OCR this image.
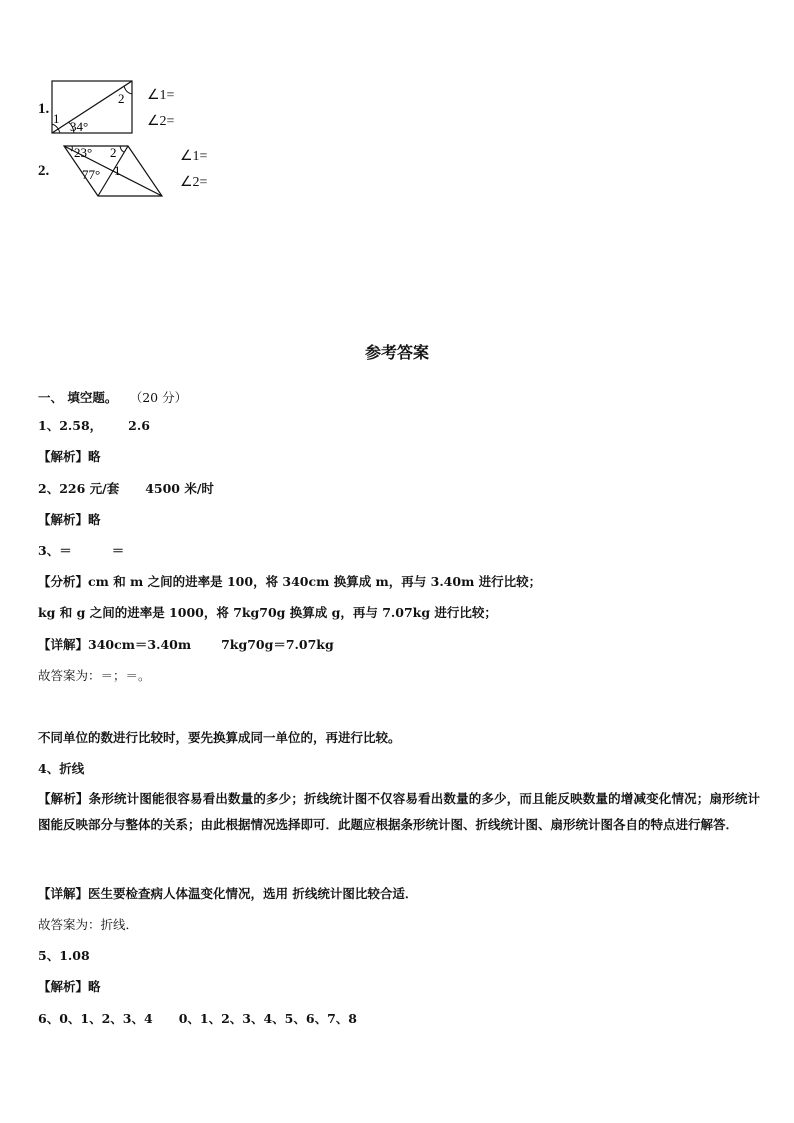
1.
1
2
34°
∠1=
∠2=
2.
23° 2
77° 1
∠1=
∠2=
参考答案
一、 填空题。 （20 分）
1、2.58， 2.6
【解析】略
2、226 元/套 4500 米/时
【解析】略
3、＝	＝
【分析】cm 和 m 之间的进率是 100，将 340cm 换算成 m，再与 3.40m 进行比较；
kg 和 g 之间的进率是 1000，将 7kg70g 换算成 g，再与 7.07kg 进行比较；
【详解】340cm＝3.40m 7kg70g＝7.07kg
故答案为：＝；＝。
不同单位的数进行比较时，要先换算成同一单位的，再进行比较。
4、折线
【解析】条形统计图能很容易看出数量的多少；折线统计图不仅容易看出数量的多少，而且能反映数量的增减变化情况；扇形统计图能反映部分与整体的关系；由此根据情况选择即可．此题应根据条形统计图、折线统计图、扇形统计图各自的特点进行解答．
【详解】医生要检查病人体温变化情况，选用 折线统计图比较合适．
故答案为：折线．
5、1.08
【解析】略
6、0、1、2、3、4 0、1、2、3、4、5、6、7、8
